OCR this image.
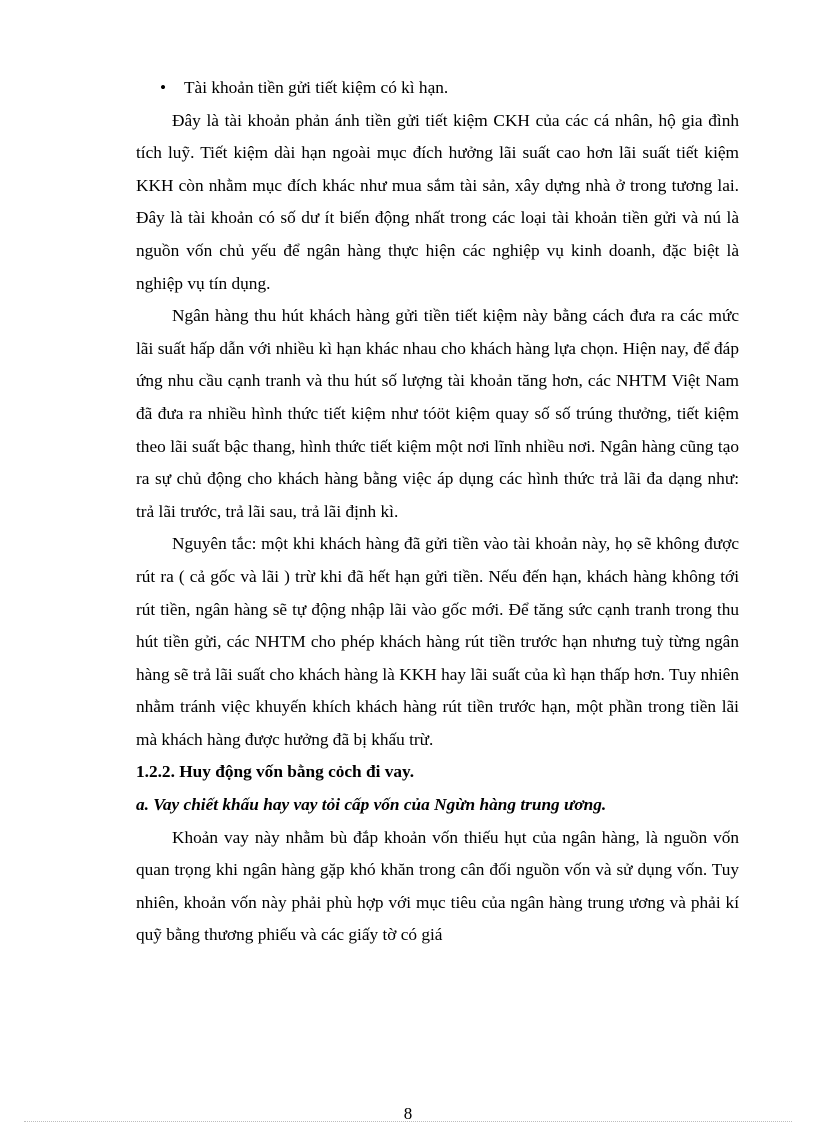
• Tài khoản tiền gửi tiết kiệm có kì hạn.

Đây là tài khoản phản ánh tiền gửi tiết kiệm CKH của các cá nhân, hộ gia đình tích luỹ. Tiết kiệm dài hạn ngoài mục đích hưởng lãi suất cao hơn lãi suất tiết kiệm KKH còn nhằm mục đích khác như mua sắm tài sản, xây dựng nhà ở trong tương lai. Đây là tài khoản có số dư ít biến động nhất trong các loại tài khoản tiền gửi và nú là nguồn vốn chủ yếu để ngân hàng thực hiện các nghiệp vụ kinh doanh, đặc biệt là nghiệp vụ tín dụng.

Ngân hàng thu hút khách hàng gửi tiền tiết kiệm này bằng cách đưa ra các mức lãi suất hấp dẫn với nhiều kì hạn khác nhau cho khách hàng lựa chọn. Hiện nay, để đáp ứng nhu cầu cạnh tranh và thu hút số lượng tài khoản tăng hơn, các NHTM Việt Nam đã đưa ra nhiều hình thức tiết kiệm như tóöt kiệm quay số số trúng thưởng, tiết kiệm theo lãi suất bậc thang, hình thức tiết kiệm một nơi lĩnh nhiều nơi. Ngân hàng cũng tạo ra sự chủ động cho khách hàng bằng việc áp dụng các hình thức trả lãi đa dạng như: trả lãi trước, trả lãi sau, trả lãi định kì.

Nguyên tắc: một khi khách hàng đã gửi tiền vào tài khoản này, họ sẽ không được rút ra ( cả gốc và lãi ) trừ khi đã hết hạn gửi tiền. Nếu đến hạn, khách hàng không tới rút tiền, ngân hàng sẽ tự động nhập lãi vào gốc mới. Để tăng sức cạnh tranh trong thu hút tiền gửi, các NHTM cho phép khách hàng rút tiền trước hạn nhưng tuỳ từng ngân hàng sẽ trả lãi suất cho khách hàng là KKH hay lãi suất của kì hạn thấp hơn. Tuy nhiên nhằm tránh việc khuyến khích khách hàng rút tiền trước hạn, một phần trong tiền lãi mà khách hàng được hưởng đã bị khấu trừ.

1.2.2. Huy động vốn bằng cỏch đi vay.
a. Vay chiết khấu hay vay tỏi cấp vốn của Ngừn hàng trung ương.

Khoản vay này nhằm bù đắp khoản vốn thiếu hụt của ngân hàng, là nguồn vốn quan trọng khi ngân hàng gặp khó khăn trong cân đối nguồn vốn và sử dụng vốn. Tuy nhiên, khoản vốn này phải phù hợp với mục tiêu của ngân hàng trung ương và phải kí quỹ bằng thương phiếu và các giấy tờ có giá

8
